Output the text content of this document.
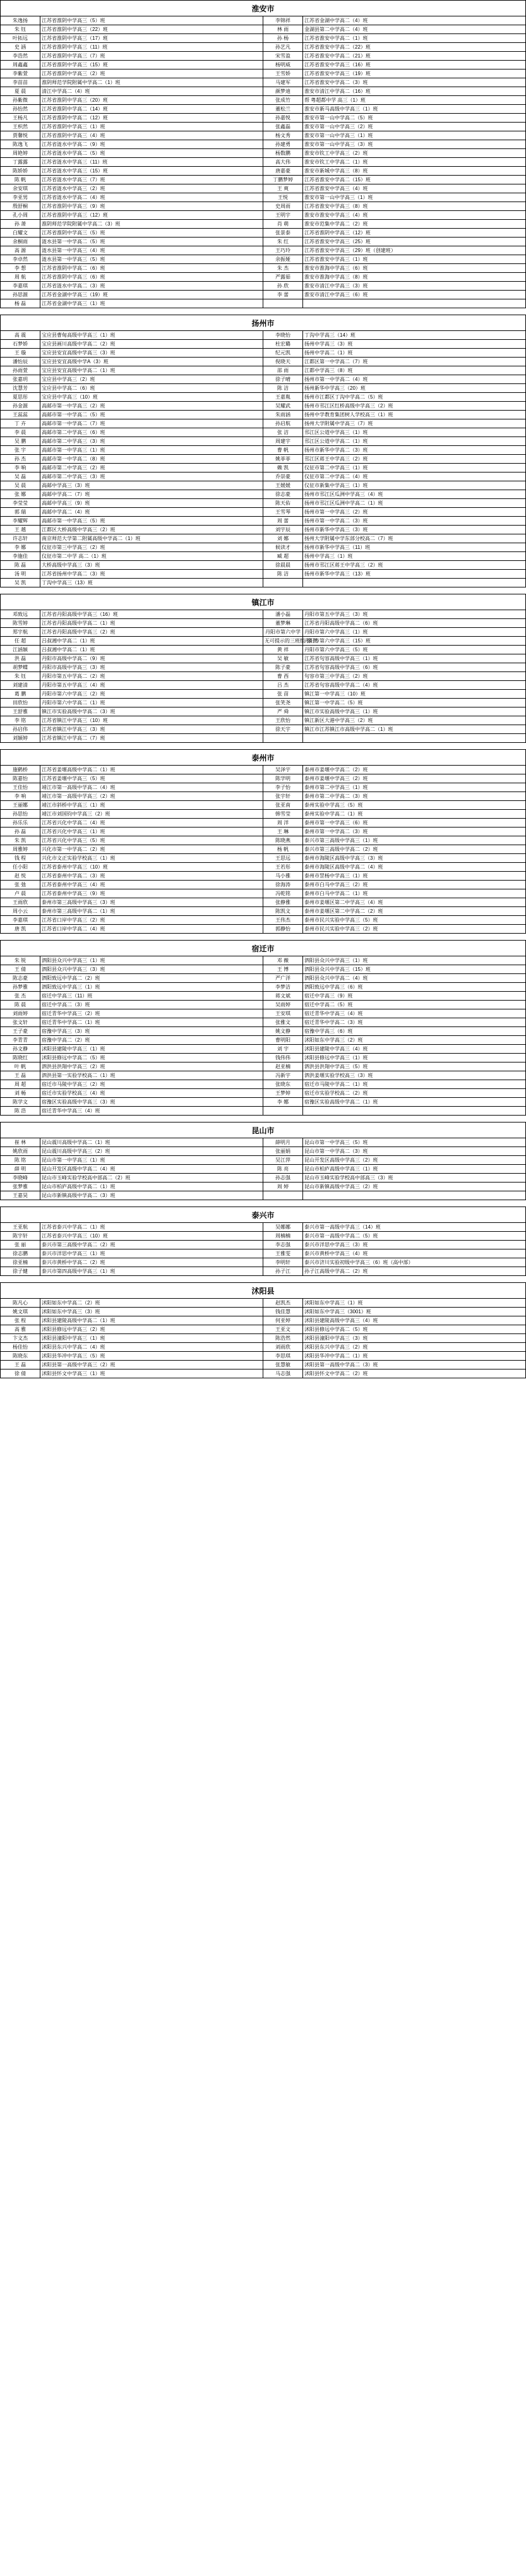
淮安市
朱逸扬	江苏省淮阴中学高三（5）班	李锦祥	江苏省金湖中学高二（4）班
朱 钰	江苏省淮阴中学高三（22）班	林 雨	金湖县第二中学高二（4）班
叶拓远	江苏省淮阴中学高三（17）班	孙 杨	江苏省淮安中学高二（1）班
史 涵	江苏省淮阴中学高三（11）班	孙艺凡	江苏省淮安中学高二（22）班
李浩然	江苏省淮阴中学高三（7）班	宋雪盈	江苏省淮安中学高二（21）班
周鑫鑫	江苏省淮阴中学高三（15）班	杨明威	江苏省淮安中学高三（16）班
李紫萱	江苏省淮阴中学高三（2）班	王雪娇	江苏省淮安中学高三（19）班
李苗苗	淮阴师范学院附属中学高二（1）班	马建军	江苏省淮安中学高二（3）班
夏 晨	清江中学高二（4）班	颜梦迪	淮安市清江中学高二（16）班
孙紫微	江苏省淮阴中学高三（20）班	张成竹	帮 粤超都中学 高三（1）班
孙怡然	江苏省淮阴中学高二（14）班	董松兰	淮安市新马高级中学高三（1）班
王杨凡	江苏省淮阴中学高二（12）班	孙嘉悦	淮安市第一山中学高二（5）班
王枳然	江苏省淮阴中学高三（1）班	张鑫磊	淮安市第一山中学高三（2）班
贾馨悦	江苏省淮阴中学高三（4）班	杨文秀	淮安市第一山中学高三（1）班
陈逸飞	江苏省涟水中学高二（9）班	孙建勇	淮安市第一山中学高三（3）班
周艳婷	江苏省涟水中学高二（5）班	杨数鹏	淮安市钦工中学高三（2）班
丁露露	江苏省涟水中学高三（11）班	高大伟	淮安市钦工中学高二（1）班
陈娇娇	江苏省涟水中学高三（15）班	唐嘉豪	淮安市新城中学高三（8）班
陈 帆	江苏省涟水中学高三（7）班	丁鹏梦婷	江苏省淮安中学高二（15）班
余安琪	江苏省涟水中学高三（2）班	王 爽	江苏省淮安中学高三（4）班
李亚男	江苏省涟水中学高二（4）班	王悦	淮安市第一山中学高三（1）班
殷舒桐	江苏省淮阴中学高三（9）班	史周雨	江苏省淮安中学高三（8）班
孔小周	江苏省淮阴中学高三（12）班	王明宇	淮安市淮安中学高三（4）班
孙 萧	淮阴师范学院附属中学高二（3）班	肖 萌	淮安市范集中学高二（2）班
白耀文	江苏省淮阴中学高三（5）班	张景泰	江苏省淮阴中学高三（12）班
余桐雨	涟水县第一中学高二（5）班	朱 红	江苏省淮安中学高三（25）班
高 源	涟水县第一中学高三（4）班	王巧玲	江苏省淮安中学高三（29）班（创建班）
李卓然	涟水县第一中学高三（5）班	余振娅	江苏省淮安中学高三（1）班
李 想	江苏省淮阴中学高二（6）班	朱 杰	淮安市淮海中学高三（6）班
周 航	江苏省淮阴中学高三（6）班	严露茹	淮安市淮海中学高三（8）班
李嘉琪	江苏省涟水中学高二（3）班	孙 欣	淮安市清江中学高三（3）班
孙思源	江苏省金湖中学高三（19）班	李 蕾	淮安市清江中学高三（6）班
杨 磊	江苏省金湖中学高三（1）班		
扬州市
高 震	宝应县曹甸高级中学高三（1）班	李晓怡	丁沟中学高三（14）班
石梦娇	宝应县画川高级中学高二（2）班	杜宏璐	扬州中学高三（3）班
王 璇	宝应县安宜高级中学高三（3）班	纪元凯	扬州中学高二（1）班
潘怡辰	宝应县安宜高级中学A（3）班	倪晓天	江都区第一中学高二（7）班
孙雨萱	宝应县安宜高级中学高二（1）班	邵 雨	江都中学高三（8）班
张嘉玥	宝应县中学高三（2）班	徐子晴	扬州市第一中学高二（4）班
沈慧芳	宝应县中学高二（6）班	陈 洁	扬州新华中学高三（20）班
夏思彤	宝应县中学高三（10）班	王嘉胤	扬州市江都区丁沟中学高二（5）班
孙金源	高邮市第一中学高三（2）班	吴耀武	扬州市邗江区红桥高级中学高三（2）班
王蕊蕊	高邮市第一中学高二（5）班	朱雨涵	扬州中学教育集团树人学校高三（1）班
丁 卉	高邮市第一中学高二（7）班	孙启航	扬州大学附属中学高三（7）班
李 晨	高邮市第二中学高三（6）班	张 洁	邗江区公道中学高三（1）班
吴 鹏	高邮市第二中学高三（3）班	周建宇	邗江区公道中学高二（1）班
张 宇	高邮市第一中学高三（1）班	曹 帆	扬州市新华中学高二（3）班
孙 杰	高邮市第一中学高二（8）班	姚菲菲	邗江区蒋王中学高三（2）班
李 响	高邮市第二中学高三（2）班	赖 凯	仪征市第二中学高三（1）班
吴 磊	高邮市第二中学高三（3）班	乔崇豪	仪征市第二中学高二（4）班
吴 晨	高邮中学高三（3）班	王媛媛	仪征市新集中学高三（1）班
张 娜	高邮中学高二（7）班	徐志豪	扬州市邗江区瓜洲中学高三（4）班
李莹莹	高邮中学高三（9）班	陈天佑	扬州市邗江区瓜洲中学高二（1）班
郭 瑞	高邮中学高二（4）班	王雪琴	扬州市第一中学高三（2）班
李耀辉	高邮市第一中学高三（5）班	周 蕾	扬州市第一中学高二（3）班
王 越	江都区大桥高级中学高三（2）班	刘宇辰	扬州市新华中学高三（3）班
许志轩	南京师范大学第二附属高级中学高二（1）班	刘 娜	扬州大学附属中学东部分校高二（7）班
李 娜	仪征市第三中学高三（2）班	候读才	扬州市新华中学高三（11）班
李施佳	仪征市第二中学 高二（1）班	臧 超	扬州中学高三（1）班
陈 磊	大桥高级中学高三（3）班	徐晨晨	扬州市邗江区蒋王中学高三（2）班
汤 明	江苏省扬州中学高二（3）班	陈 洁	扬州市新华中学高三（13）班
吴 凯	丁沟中学高三（13）班		
镇江市
邓致远	江苏省丹阳高级中学高三（16）班	潘小磊	丹阳市第五中学高三（3）班
陈雪婷	江苏省丹阳高级中学高二（1）班	董梦琳	江苏省丹阳高级中学高二（6）班
郑宇航	江苏省丹阳高级中学高三（2）班	丹阳市第六中学	丹阳市第六中学高三（1）班
任 超	吕叔湘中学高二（1）班	无可提示的三班组 徐 然	丹阳市第六中学高三（15）班
江涵颖	吕叔湘中学高二（1）班	黄 祥	丹阳市第六中学高三（5）班
洪 磊	丹阳市高级中学高二（9）班	吴 敏	江苏省句容高级中学高三（1）班
胡梦蝶	丹阳市高级中学高三（3）班	陈子豪	江苏省句容高级中学高三（6）班
朱 钰	丹阳市第五中学高二（2）班	曹 西	句容市第三中学高三（2）班
刘建清	丹阳市第五中学高三（4）班	吕 杰	江苏省句容高级中学高二（4）班
葛 鹏	丹阳市第六中学高三（2）班	张 苗	镇江第一中学高三（10）班
田欣怡	丹阳市第六中学高二（1）班	张笑尧	镇江第一中学高二（5）班
王舒雅	镇江市实验高级中学高二（3）班	严 舜	镇江市实验高级中学高三（1）班
李 铭	江苏省镇江中学高三（10）班	王欣怡	镇江新区大港中学高三（2）班
孙启伟	江苏省镇江中学高三（3）班	徐天宇	镇江市江苏镇江市高级中学高二（1）班
刘颖婷	江苏省镇江中学高二（7）班		
泰州市
施鹤桥	江苏省姜堰高级中学高二（1）班	吴泽宇	泰州市姜堰中学高二（2）班
陈嘉怡	江苏省姜堰中学高三（5）班	陈学明	泰州市姜堰中学高三（2）班
王佳怡	靖江市第一高级中学高二（4）班	李子怡	泰州市第二中学高三（1）班
李 响	靖江市第一高级中学高三（2）班	张宇轩	泰州市第二中学高二（3）班
王丽娜	靖江市斜桥中学高三（1）班	张亚南	泰州实验中学高三（5）班
孙思怡	靖江市刘国钧中学高三（2）班	韩雪莹	泰州实验中学高二（1）班
孙乐乐	江苏省兴化中学高二（4）班	周 洋	泰州市第一中学高三（6）班
孙 磊	江苏省兴化中学高三（1）班	王 琳	泰州市第一中学高二（3）班
朱 凯	江苏省兴化中学高三（5）班	陈晓燕	泰兴市第三高级中学高三（1）班
周雅婷	兴化市第一中学高二（2）班	杨 帆	泰兴市第三高级中学高二（2）班
钱 程	兴化市文正实验学校高三（1）班	王思远	泰州市海陵区高级中学高三（3）班
任小阳	江苏省泰州中学高三（10）班	王若彤	泰州市海陵区高级中学高二（4）班
赵 悦	江苏省泰州中学高二（3）班	马小雅	泰州市罡杨中学高三（1）班
张 弛	江苏省泰州中学高三（4）班	徐海涛	泰州市白马中学高三（2）班
卢 晨	江苏省泰州中学高三（9）班	冯乾铭	泰州市白马中学高二（1）班
王雨欣	泰州市第三高级中学高三（3）班	张静雅	泰州市姜堰区第二中学高三（4）班
周小云	泰州市第三高级中学高二（1）班	陈凯文	泰州市姜堰区第二中学高二（2）班
李嘉琪	江苏省口岸中学高三（2）班	王伟杰	泰州市民兴实验中学高三（5）班
唐 凯	江苏省口岸中学高二（4）班	郭静怡	泰州市民兴实验中学高三（2）班
宿迁市
朱 锐	泗阳县众兴中学高三（1）班	邓 薇	泗阳县众兴中学高三（1）班
王 倩	泗阳县众兴中学高三（3）班	王 博	泗阳县众兴中学高三（15）班
陈志豪	泗阳致远中学高二（2）班	严广洋	泗阳县众兴中学高二（4）班
孙梦雅	泗阳致远中学高三（1）班	李梦洁	泗阳致远中学高三（6）班
张 杰	宿迁中学高三（11）班	蒋文斌	宿迁中学高三（9）班
陈 晨	宿迁中学高二（3）班	吴雨婷	宿迁中学高二（5）班
刘雨婷	宿迁青华中学高三（2）班	王安琪	宿迁青华中学高三（4）班
张文轩	宿迁青华中学高二（1）班	张雅文	宿迁青华中学高二（3）班
王子豪	宿豫中学高三（3）班	姚文静	宿豫中学高三（6）班
李青青	宿豫中学高二（2）班	曹明阳	沭阳如东中学高三（2）班
孙文静	沭阳县建陵中学高三（1）班	刘 宇	沭阳县建陵中学高三（4）班
陈晓红	沭阳县修远中学高二（5）班	钱伟伟	沭阳县修远中学高三（1）班
叶 帆	泗洪县洪翔中学高三（2）班	赵亚楠	泗洪县洪翔中学高三（5）班
王 磊	泗洪县第一实验学校高二（1）班	冯新宇	泗洪姜堰实验学校高三（3）班
周 超	宿迁市马陵中学高三（2）班	张晓东	宿迁市马陵中学高二（1）班
刘 畅	宿迁市实验学校高三（4）班	王梦婷	宿迁市实验学校高二（2）班
陈学文	宿豫区实验高级中学高三（3）班	李 娜	宿豫区实验高级中学高二（1）班
陈 浩	宿迁青华中学高三（4）班		
昆山市
崔 林	昆山震川高级中学高二（1）班	薛明月	昆山市第一中学高三（5）班
姚欣雨	昆山震川高级中学高三（2）班	张丽娟	昆山市第一中学高二（3）班
陈 铭	昆山市第一中学高三（1）班	吴江萍	昆山开发区高级中学高三（2）班
薛 明	昆山开发区高级中学高二（4）班	陈 亮	昆山市柏庐高级中学高三（1）班
李晓峰	昆山市玉峰实验学校高中部高二（2）班	孙志强	昆山市玉峰实验学校高中部高三（3）班
张梦雅	昆山市柏庐高级中学高二（1）班	周 婷	昆山市新镇高级中学高三（2）班
王嘉昊	昆山市新镇高级中学高二（3）班		
泰兴市
王亚航	江苏省泰兴中学高二（1）班	吴娜娜	泰兴市第一高级中学高三（14）班
陈宇轩	江苏省泰兴中学高三（10）班	周楠楠	泰兴市第一高级中学高二（5）班
张 丽	泰兴市第三高级中学高二（2）班	李志强	泰兴市洋思中学高三（3）班
徐志鹏	泰兴市洋思中学高三（1）班	王雅雯	泰兴市黄桥中学高三（4）班
徐亚楠	泰兴市黄桥中学高二（2）班	李明轩	泰兴市济川实验初级中学高三（6）班（高中部）
徐子健	泰兴市第四高级中学高三（1）班	孙子江	孙子江高级中学高二（2）班
沭阳县
陈凡心	沭阳如东中学高二（2）班	赵凯杰	沭阳如东中学高三（1）班
姚文琪	沭阳如东中学高三（3）班	钱佳慧	沭阳如东中学高三（3001）班
张 程	沭阳县建陵高级中学高二（1）班	何亚婷	沭阳县建陵高级中学高三（4）班
高 雅	沭阳县修远中学高三（2）班	王亚文	沭阳县修远中学高二（5）班
卞文杰	沭阳县潼阳中学高三（1）班	陈浩然	沭阳县潼阳中学高三（3）班
杨佳怡	沭阳县东兴中学高二（4）班	刘雨欣	沭阳县东兴中学高三（2）班
陈晓东	沭阳县华冲中学高三（5）班	李思琪	沭阳县华冲中学高二（1）班
王 磊	沭阳县第一高级中学高三（2）班	张慧敏	沭阳县第一高级中学高二（3）班
徐 倩	沭阳县怀文中学高三（1）班	马志强	沭阳县怀文中学高二（2）班
